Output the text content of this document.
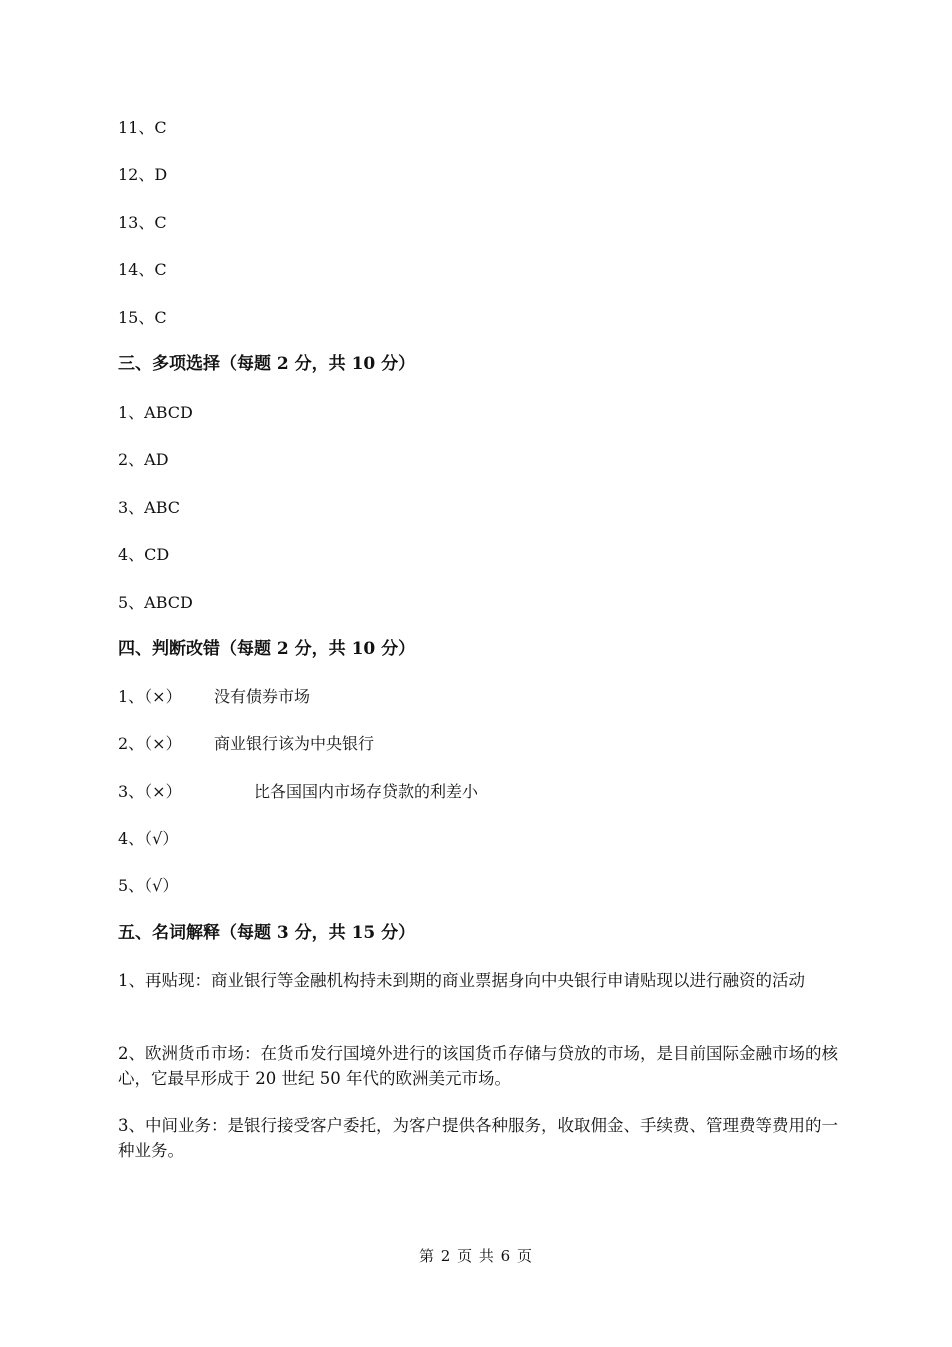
11、C
12、D
13、C
14、C
15、C
三、多项选择（每题 2 分，共 10 分）
1、ABCD
2、AD
3、ABC
4、CD
5、ABCD
四、判断改错（每题 2 分，共 10 分）
1、（×） 没有债券市场
2、（×） 商业银行该为中央银行
3、（×）	比各国国内市场存贷款的利差小
4、（√）
5、（√）
五、名词解释（每题 3 分，共 15 分）
1、再贴现：商业银行等金融机构持未到期的商业票据身向中央银行申请贴现以进行融资的活动
2、欧洲货币市场：在货币发行国境外进行的该国货币存储与贷放的市场，是目前国际金融市场的核心，它最早形成于 20 世纪 50 年代的欧洲美元市场。
3、中间业务：是银行接受客户委托，为客户提供各种服务，收取佣金、手续费、管理费等费用的一种业务。
第 2 页 共 6 页
